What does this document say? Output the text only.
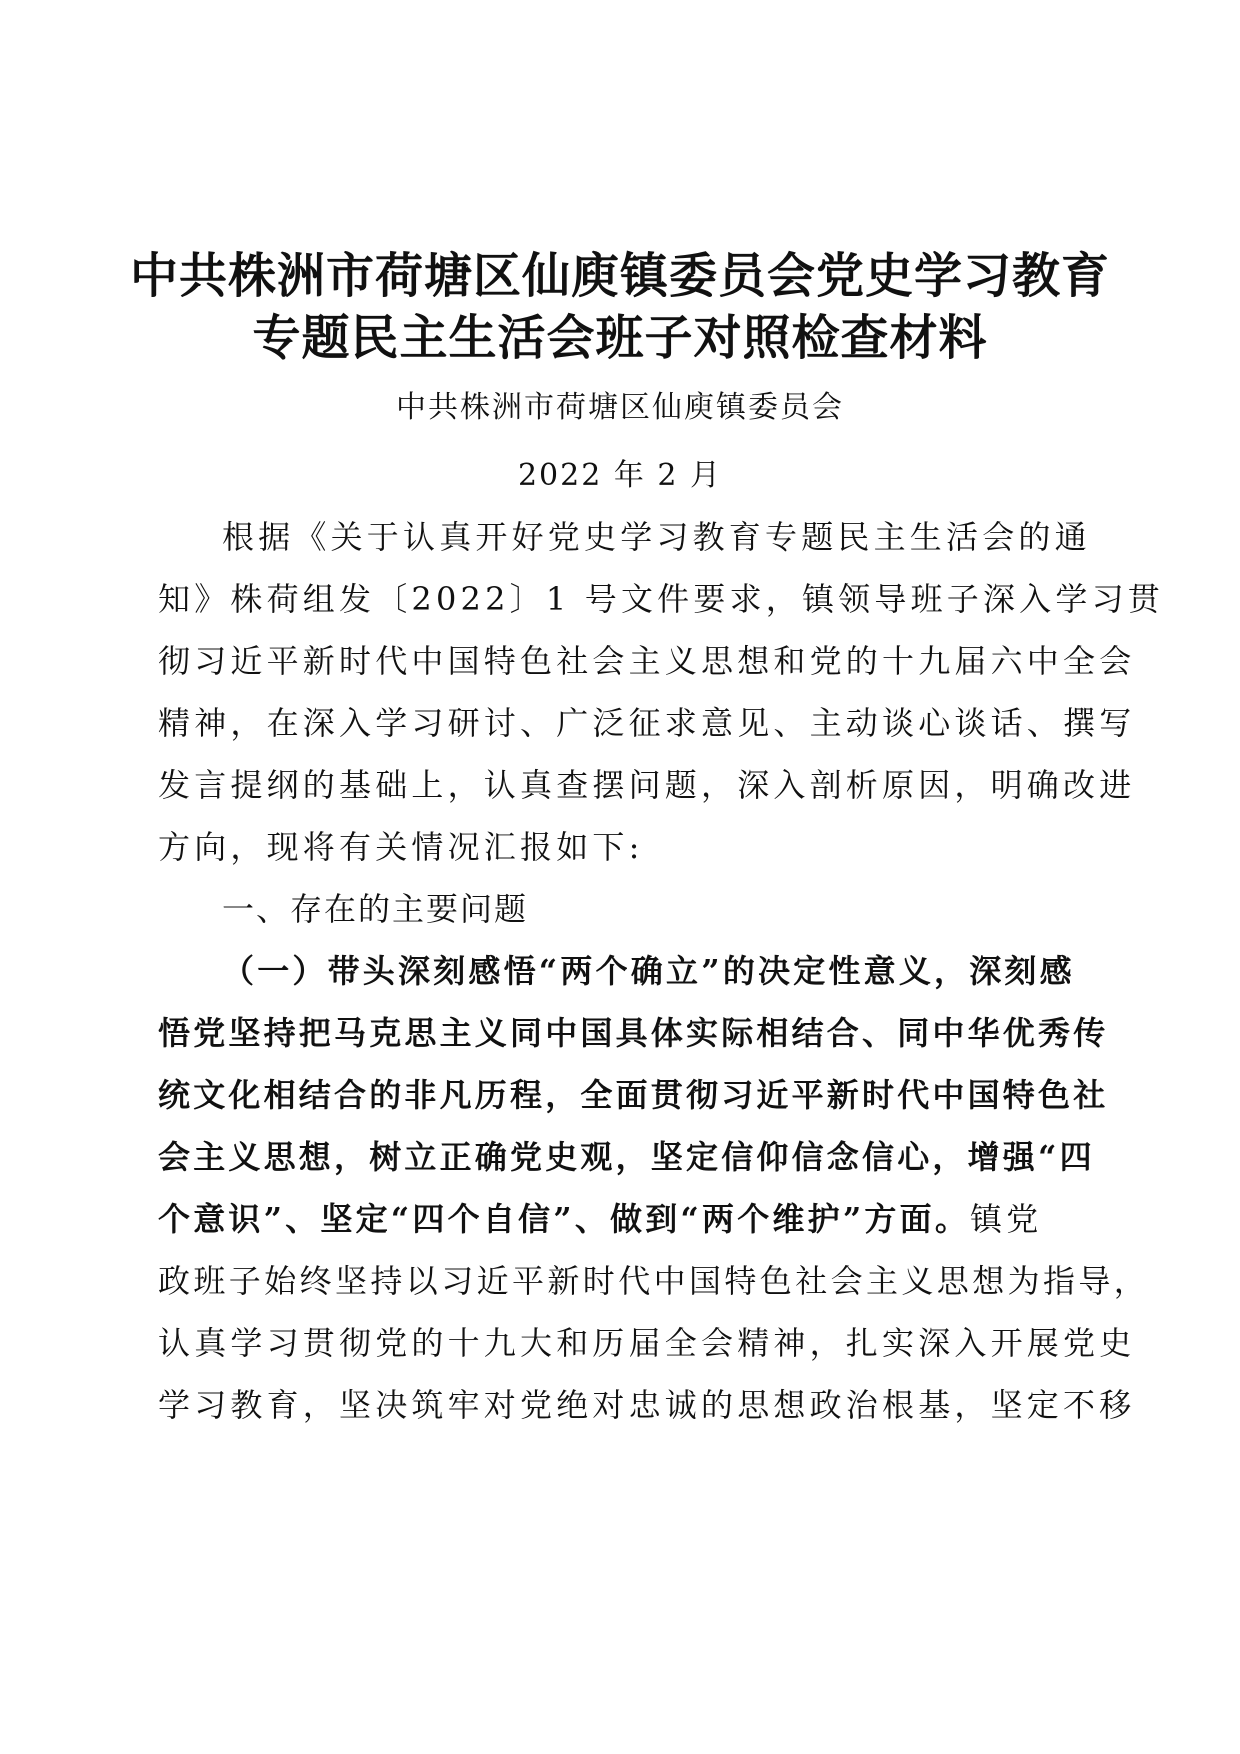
中共株洲市荷塘区仙庾镇委员会党史学习教育
专题民主生活会班子对照检查材料
中共株洲市荷塘区仙庾镇委员会
2022 年 2 月
根据《关于认真开好党史学习教育专题民主生活会的通
知》株荷组发〔2022〕1 号文件要求，镇领导班子深入学习贯
彻习近平新时代中国特色社会主义思想和党的十九届六中全会
精神，在深入学习研讨、广泛征求意见、主动谈心谈话、撰写
发言提纲的基础上，认真查摆问题，深入剖析原因，明确改进
方向，现将有关情况汇报如下:
一、存在的主要问题
（一）带头深刻感悟“两个确立”的决定性意义，深刻感
悟党坚持把马克思主义同中国具体实际相结合、同中华优秀传
统文化相结合的非凡历程，全面贯彻习近平新时代中国特色社
会主义思想，树立正确党史观，坚定信仰信念信心，增强“四
个意识”、坚定“四个自信”、做到“两个维护”方面。镇党
政班子始终坚持以习近平新时代中国特色社会主义思想为指导，
认真学习贯彻党的十九大和历届全会精神，扎实深入开展党史
学习教育，坚决筑牢对党绝对忠诚的思想政治根基，坚定不移
